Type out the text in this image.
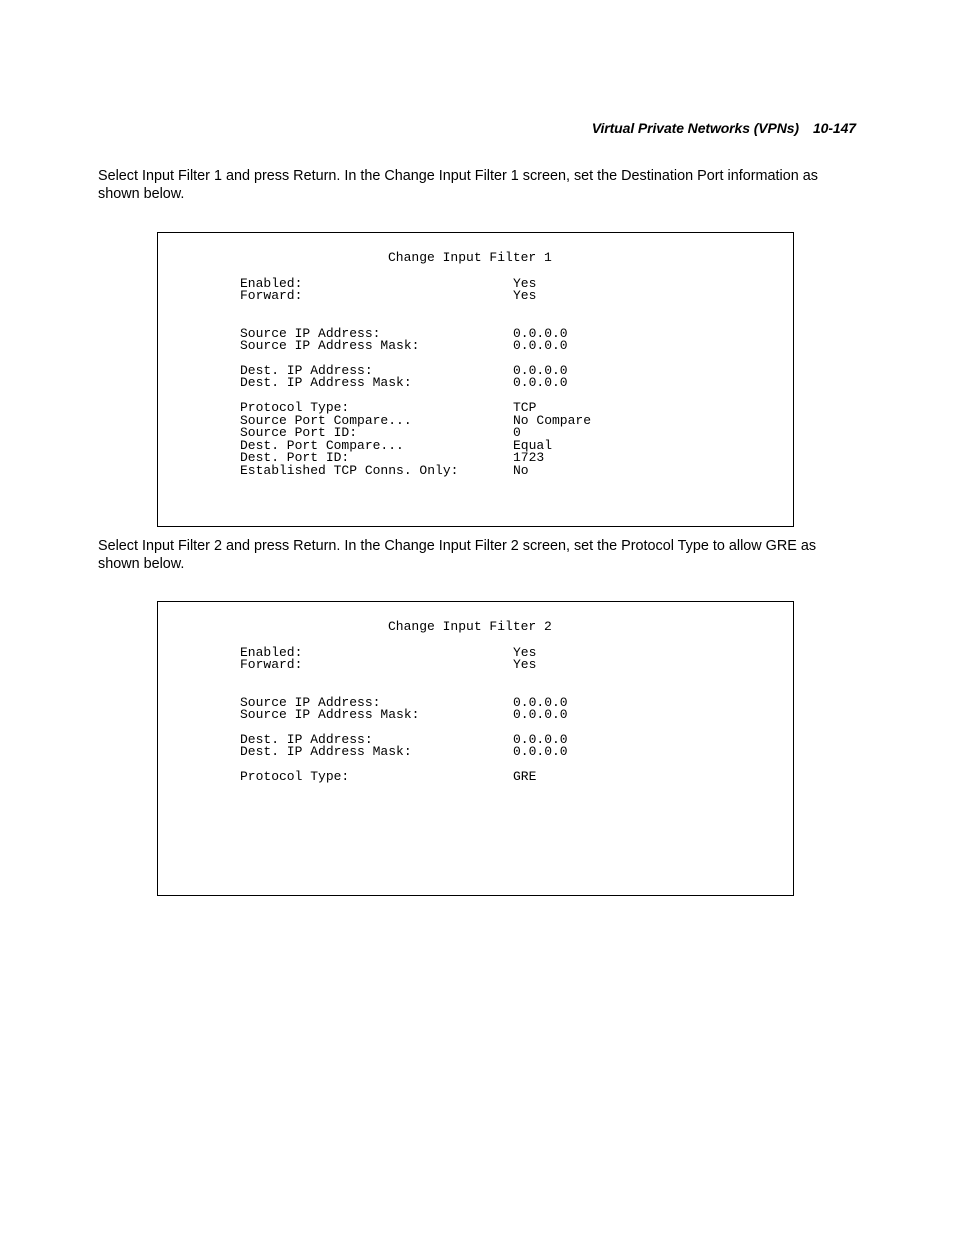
Virtual Private Networks (VPNs) 10-147

Select Input Filter 1 and press Return. In the Change Input Filter 1 screen, set the Destination Port information as shown below.

Change Input Filter 1
Enabled:	Yes
Forward:	Yes
Source IP Address:	0.0.0.0
Source IP Address Mask:	0.0.0.0
Dest. IP Address:	0.0.0.0
Dest. IP Address Mask:	0.0.0.0
Protocol Type:	TCP
Source Port Compare...	No Compare
Source Port ID:	0
Dest. Port Compare...	Equal
Dest. Port ID:	1723
Established TCP Conns. Only:	No

Select Input Filter 2 and press Return. In the Change Input Filter 2 screen, set the Protocol Type to allow GRE as shown below.

Change Input Filter 2
Enabled:	Yes
Forward:	Yes
Source IP Address:	0.0.0.0
Source IP Address Mask:	0.0.0.0
Dest. IP Address:	0.0.0.0
Dest. IP Address Mask:	0.0.0.0
Protocol Type:	GRE
